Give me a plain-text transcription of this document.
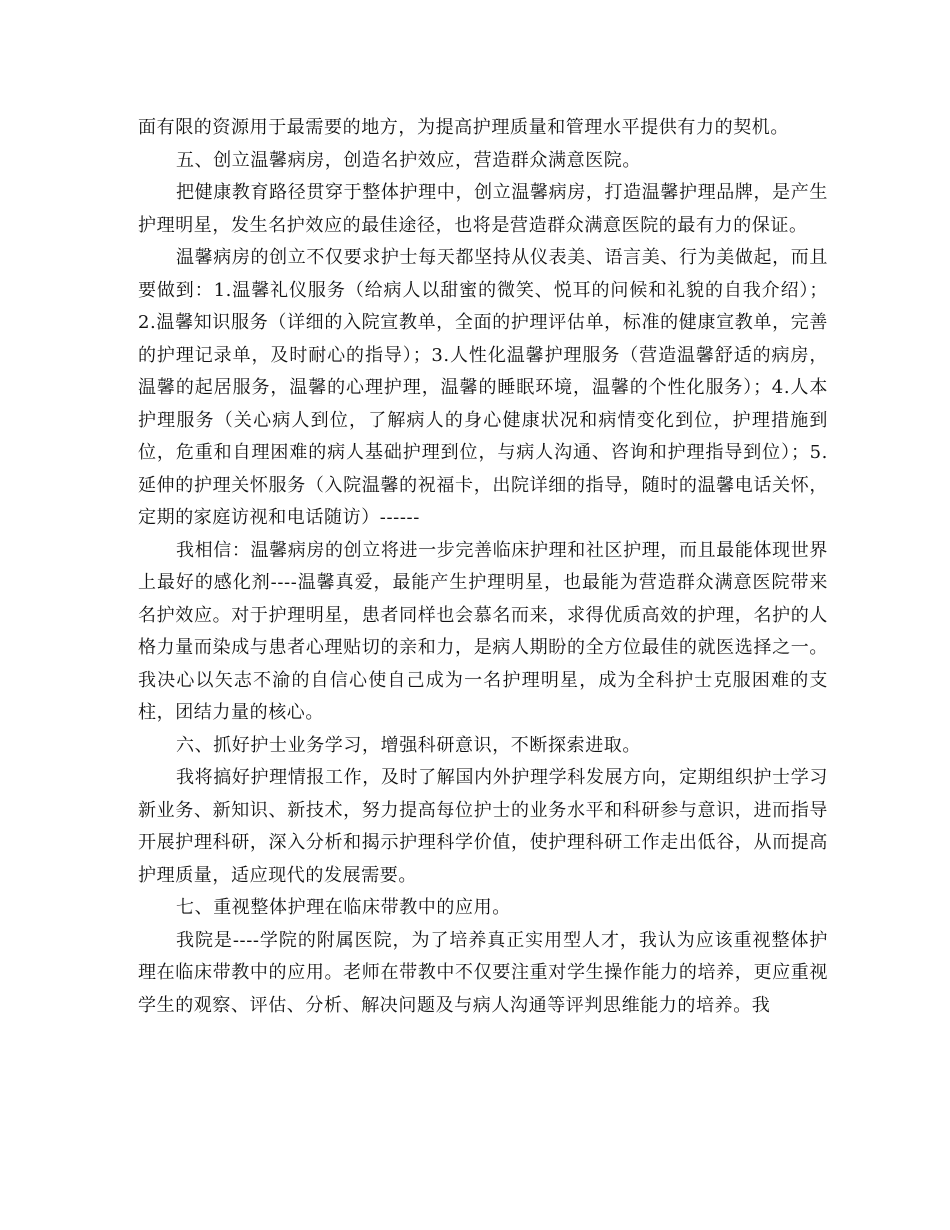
面有限的资源用于最需要的地方，为提高护理质量和管理水平提供有力的契机。

五、创立温馨病房，创造名护效应，营造群众满意医院。

把健康教育路径贯穿于整体护理中，创立温馨病房，打造温馨护理品牌，是产生护理明星，发生名护效应的最佳途径，也将是营造群众满意医院的最有力的保证。

温馨病房的创立不仅要求护士每天都坚持从仪表美、语言美、行为美做起，而且要做到：1.温馨礼仪服务（给病人以甜蜜的微笑、悦耳的问候和礼貌的自我介绍）；2.温馨知识服务（详细的入院宣教单，全面的护理评估单，标准的健康宣教单，完善的护理记录单，及时耐心的指导）；3.人性化温馨护理服务（营造温馨舒适的病房，温馨的起居服务，温馨的心理护理，温馨的睡眠环境，温馨的个性化服务）；4.人本护理服务（关心病人到位，了解病人的身心健康状况和病情变化到位，护理措施到位，危重和自理困难的病人基础护理到位，与病人沟通、咨询和护理指导到位）；5.延伸的护理关怀服务（入院温馨的祝福卡，出院详细的指导，随时的温馨电话关怀，定期的家庭访视和电话随访）------

我相信：温馨病房的创立将进一步完善临床护理和社区护理，而且最能体现世界上最好的感化剂----温馨真爱，最能产生护理明星，也最能为营造群众满意医院带来名护效应。对于护理明星，患者同样也会慕名而来，求得优质高效的护理，名护的人格力量而染成与患者心理贴切的亲和力，是病人期盼的全方位最佳的就医选择之一。我决心以矢志不渝的自信心使自己成为一名护理明星，成为全科护士克服困难的支柱，团结力量的核心。

六、抓好护士业务学习，增强科研意识，不断探索进取。

我将搞好护理情报工作，及时了解国内外护理学科发展方向，定期组织护士学习新业务、新知识、新技术，努力提高每位护士的业务水平和科研参与意识，进而指导开展护理科研，深入分析和揭示护理科学价值，使护理科研工作走出低谷，从而提高护理质量，适应现代的发展需要。

七、重视整体护理在临床带教中的应用。

我院是----学院的附属医院，为了培养真正实用型人才，我认为应该重视整体护理在临床带教中的应用。老师在带教中不仅要注重对学生操作能力的培养，更应重视学生的观察、评估、分析、解决问题及与病人沟通等评判思维能力的培养。我
